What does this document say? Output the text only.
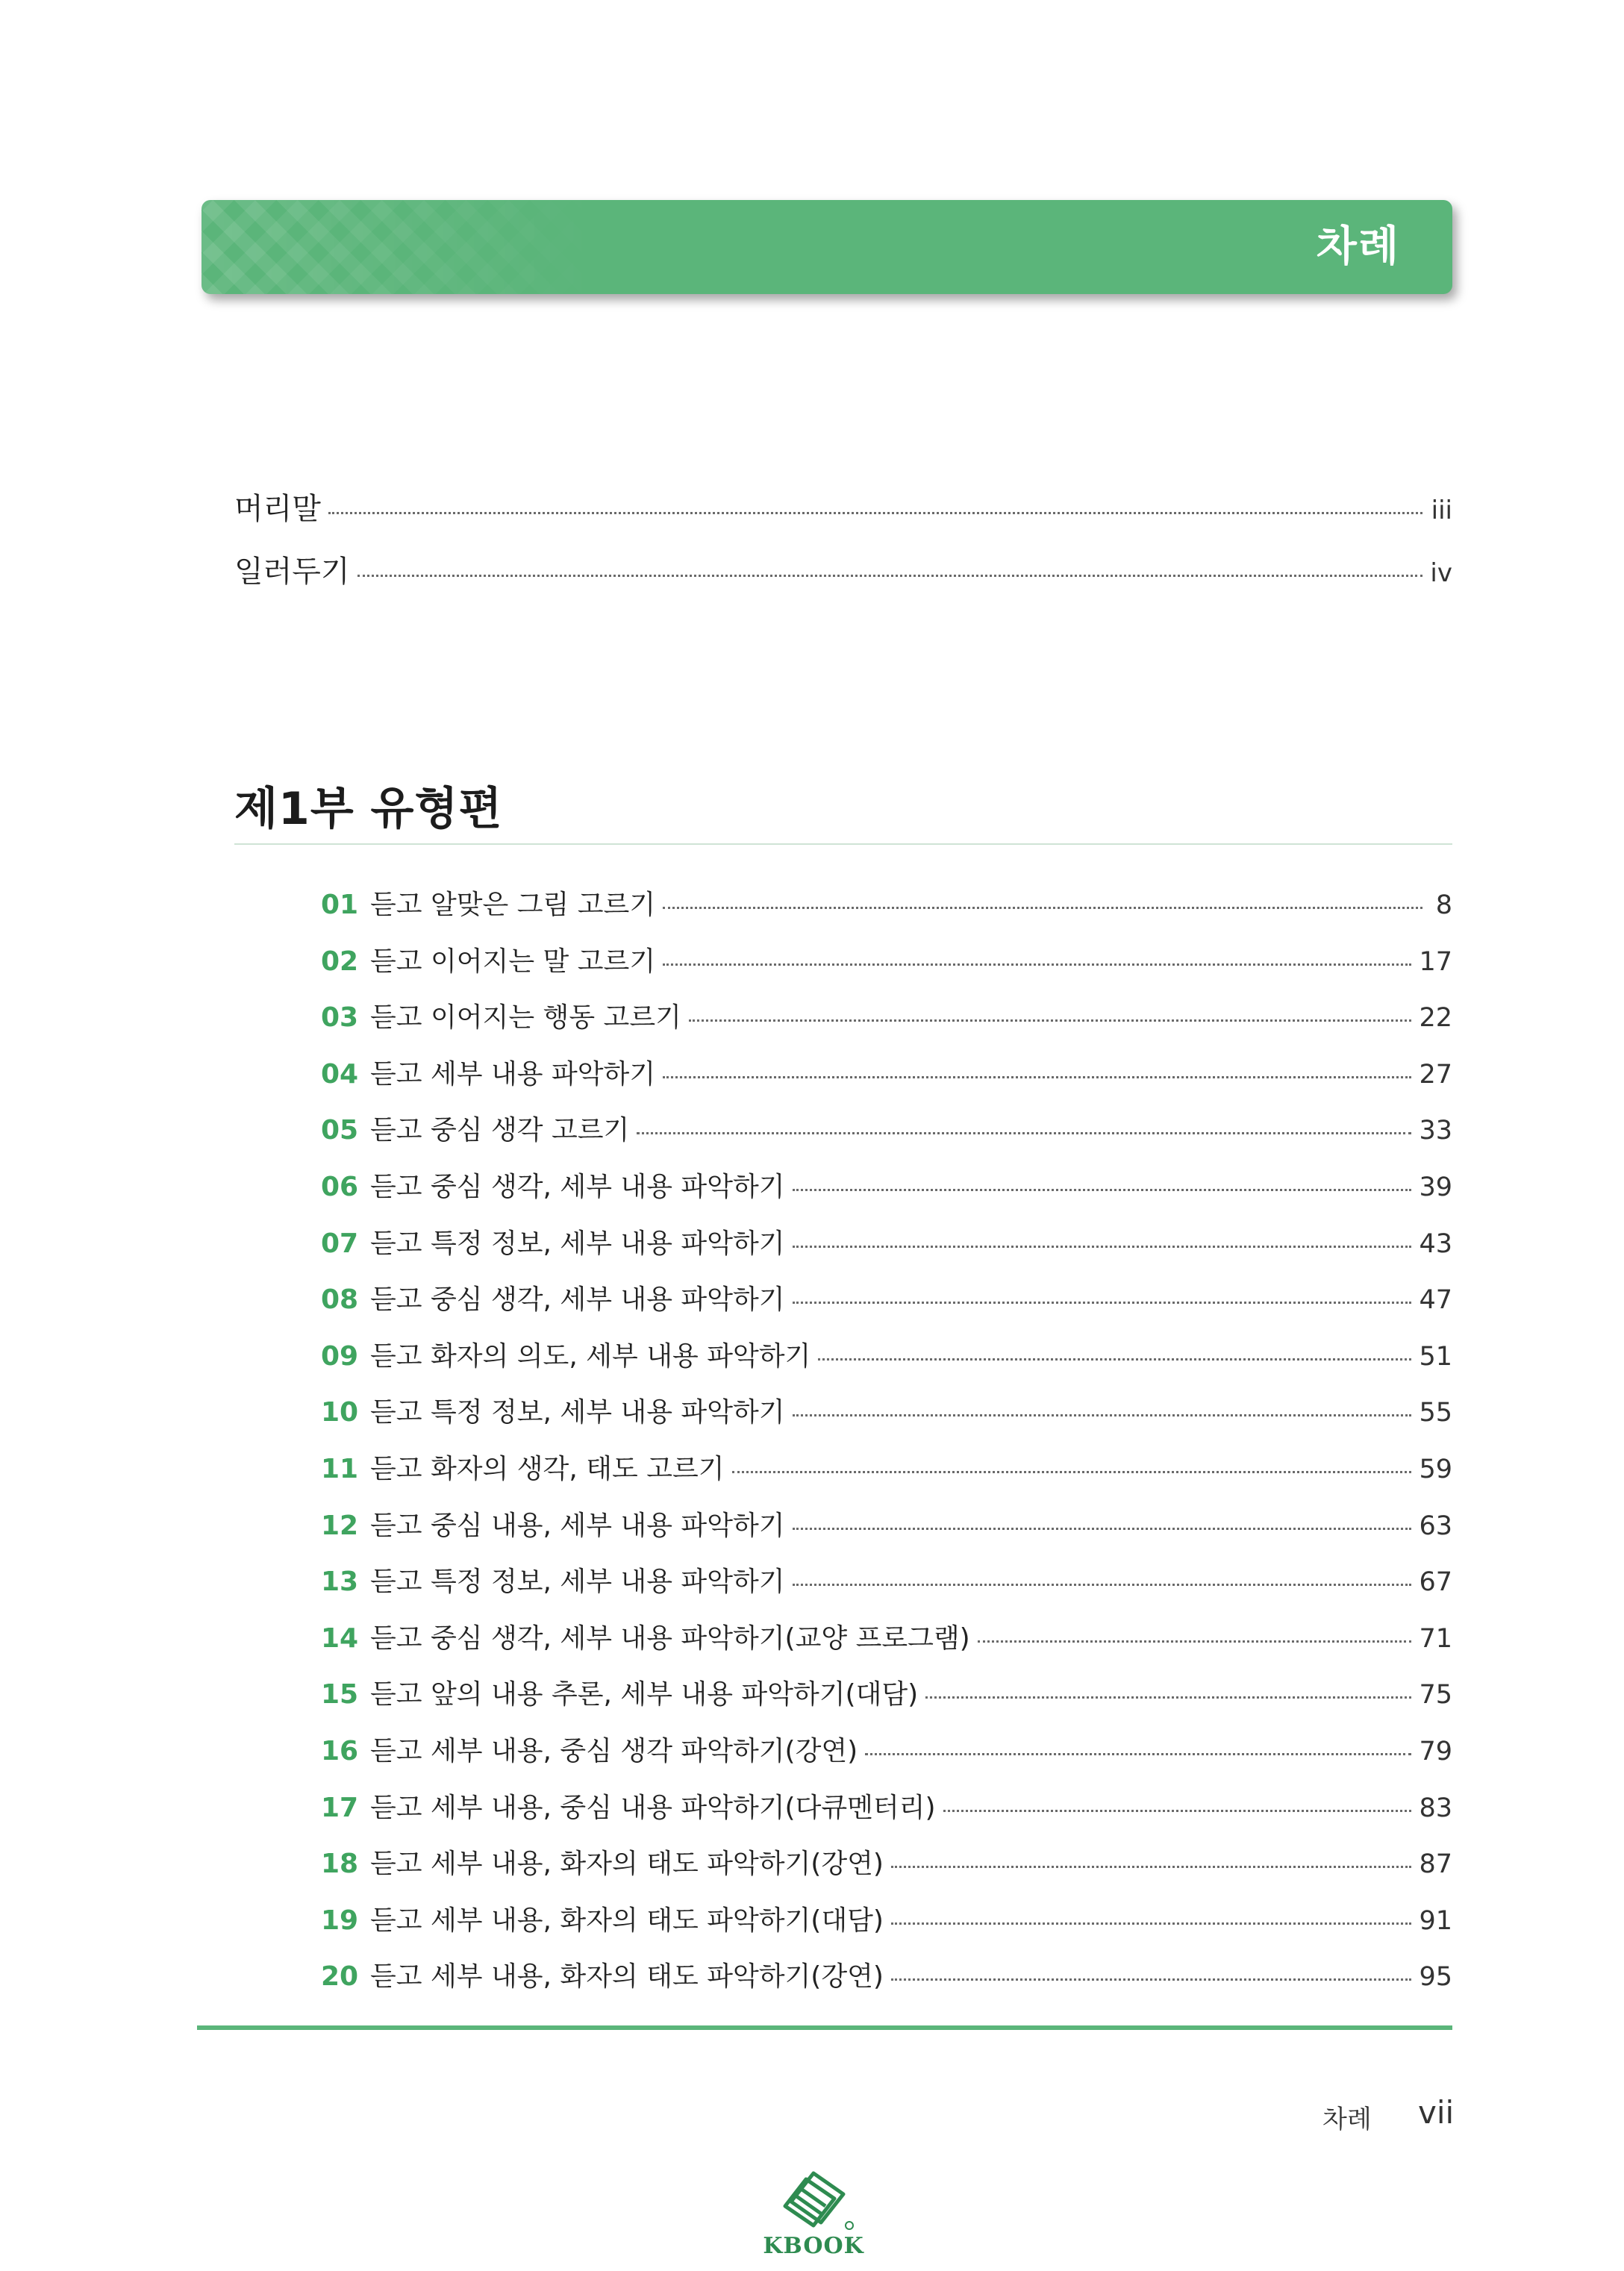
차례
머리말	iii
일러두기	iv
제1부 유형편
01 듣고 알맞은 그림 고르기	8
02 듣고 이어지는 말 고르기	17
03 듣고 이어지는 행동 고르기	22
04 듣고 세부 내용 파악하기	27
05 듣고 중심 생각 고르기	33
06 듣고 중심 생각, 세부 내용 파악하기	39
07 듣고 특정 정보, 세부 내용 파악하기	43
08 듣고 중심 생각, 세부 내용 파악하기	47
09 듣고 화자의 의도, 세부 내용 파악하기	51
10 듣고 특정 정보, 세부 내용 파악하기	55
11 듣고 화자의 생각, 태도 고르기	59
12 듣고 중심 내용, 세부 내용 파악하기	63
13 듣고 특정 정보, 세부 내용 파악하기	67
14 듣고 중심 생각, 세부 내용 파악하기(교양 프로그램)	71
15 듣고 앞의 내용 추론, 세부 내용 파악하기(대담)	75
16 듣고 세부 내용, 중심 생각 파악하기(강연)	79
17 듣고 세부 내용, 중심 내용 파악하기(다큐멘터리)	83
18 듣고 세부 내용, 화자의 태도 파악하기(강연)	87
19 듣고 세부 내용, 화자의 태도 파악하기(대담)	91
20 듣고 세부 내용, 화자의 태도 파악하기(강연)	95
차례 vii
KBOOK
